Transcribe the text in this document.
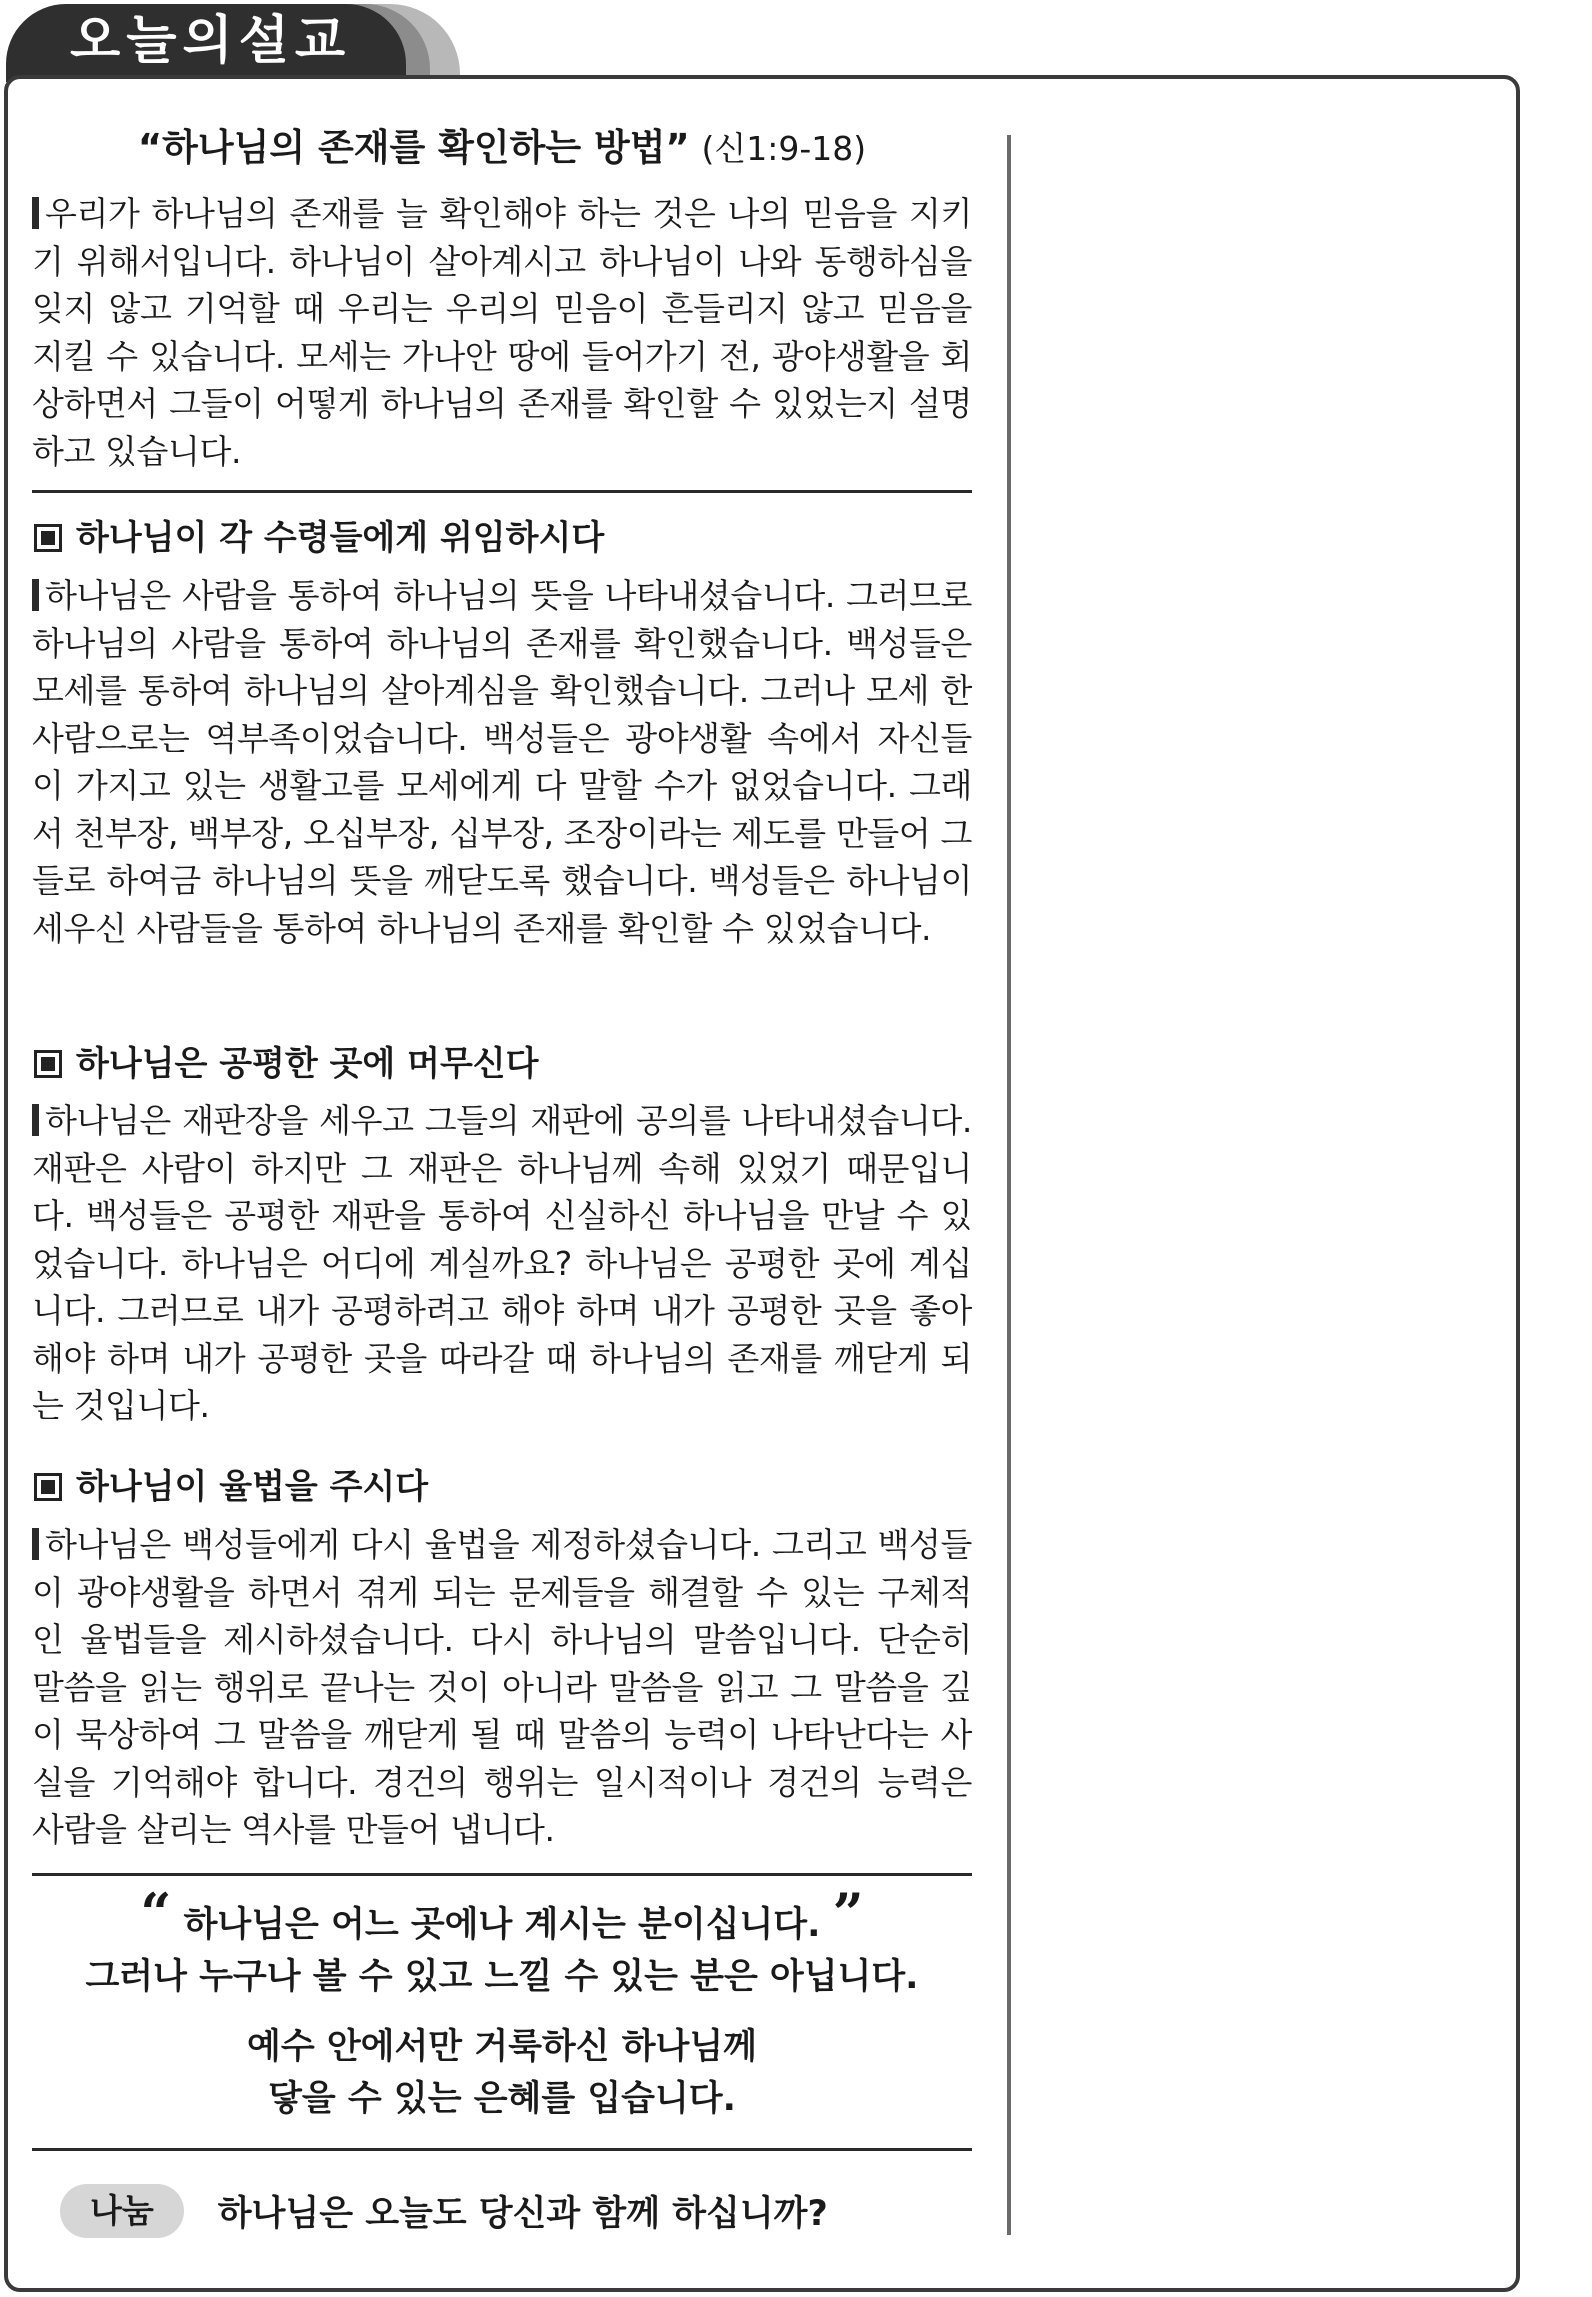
오늘의설교
“하나님의 존재를 확인하는 방법” (신1:9-18)
우리가 하나님의 존재를 늘 확인해야 하는 것은 나의 믿음을 지키기 위해서입니다. 하나님이 살아계시고 하나님이 나와 동행하심을 잊지 않고 기억할 때 우리는 우리의 믿음이 흔들리지 않고 믿음을 지킬 수 있습니다. 모세는 가나안 땅에 들어가기 전, 광야생활을 회상하면서 그들이 어떻게 하나님의 존재를 확인할 수 있었는지 설명하고 있습니다.
하나님이 각 수령들에게 위임하시다
하나님은 사람을 통하여 하나님의 뜻을 나타내셨습니다. 그러므로 하나님의 사람을 통하여 하나님의 존재를 확인했습니다. 백성들은 모세를 통하여 하나님의 살아계심을 확인했습니다. 그러나 모세 한 사람으로는 역부족이었습니다. 백성들은 광야생활 속에서 자신들이 가지고 있는 생활고를 모세에게 다 말할 수가 없었습니다. 그래서 천부장, 백부장, 오십부장, 십부장, 조장이라는 제도를 만들어 그들로 하여금 하나님의 뜻을 깨닫도록 했습니다. 백성들은 하나님이 세우신 사람들을 통하여 하나님의 존재를 확인할 수 있었습니다.
하나님은 공평한 곳에 머무신다
하나님은 재판장을 세우고 그들의 재판에 공의를 나타내셨습니다. 재판은 사람이 하지만 그 재판은 하나님께 속해 있었기 때문입니다. 백성들은 공평한 재판을 통하여 신실하신 하나님을 만날 수 있었습니다. 하나님은 어디에 계실까요? 하나님은 공평한 곳에 계십니다. 그러므로 내가 공평하려고 해야 하며 내가 공평한 곳을 좋아해야 하며 내가 공평한 곳을 따라갈 때 하나님의 존재를 깨닫게 되는 것입니다.
하나님이 율법을 주시다
하나님은 백성들에게 다시 율법을 제정하셨습니다. 그리고 백성들이 광야생활을 하면서 겪게 되는 문제들을 해결할 수 있는 구체적인 율법들을 제시하셨습니다. 다시 하나님의 말씀입니다. 단순히 말씀을 읽는 행위로 끝나는 것이 아니라 말씀을 읽고 그 말씀을 깊이 묵상하여 그 말씀을 깨닫게 될 때 말씀의 능력이 나타난다는 사실을 기억해야 합니다. 경건의 행위는 일시적이나 경건의 능력은 사람을 살리는 역사를 만들어 냅니다.
“ 하나님은 어느 곳에나 계시는 분이십니다. ”
그러나 누구나 볼 수 있고 느낄 수 있는 분은 아닙니다.
예수 안에서만 거룩하신 하나님께
닿을 수 있는 은혜를 입습니다.
나눔	하나님은 오늘도 당신과 함께 하십니까?
